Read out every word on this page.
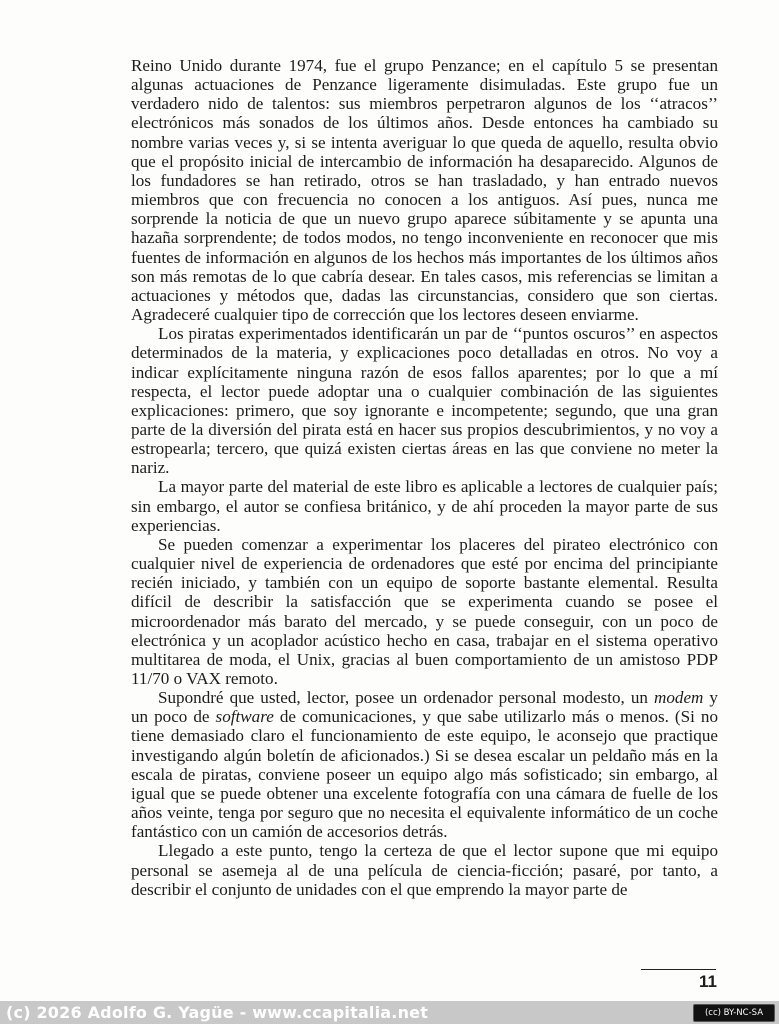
Reino Unido durante 1974, fue el grupo Penzance; en el capítulo 5 se presentan algunas actuaciones de Penzance ligeramente disimuladas. Este grupo fue un verdadero nido de talentos: sus miembros perpetraron algunos de los ‘‘atracos’’ electrónicos más sonados de los últimos años. Desde entonces ha cambiado su nombre varias veces y, si se intenta averiguar lo que queda de aquello, resulta obvio que el propósito inicial de intercambio de información ha desaparecido. Algunos de los fundadores se han retirado, otros se han trasladado, y han entrado nuevos miembros que con frecuencia no conocen a los antiguos. Así pues, nunca me sorprende la noticia de que un nuevo grupo aparece súbitamente y se apunta una hazaña sorprendente; de todos modos, no tengo inconveniente en reconocer que mis fuentes de información en algunos de los hechos más importantes de los últimos años son más remotas de lo que cabría desear. En tales casos, mis referencias se limitan a actuaciones y métodos que, dadas las circunstancias, considero que son ciertas. Agradeceré cualquier tipo de corrección que los lectores deseen enviarme.

Los piratas experimentados identificarán un par de ‘‘puntos oscuros’’ en aspectos determinados de la materia, y explicaciones poco detalladas en otros. No voy a indicar explícitamente ninguna razón de esos fallos aparentes; por lo que a mí respecta, el lector puede adoptar una o cualquier combinación de las siguientes explicaciones: primero, que soy ignorante e incompetente; segundo, que una gran parte de la diversión del pirata está en hacer sus propios descubrimientos, y no voy a estropearla; tercero, que quizá existen ciertas áreas en las que conviene no meter la nariz.

La mayor parte del material de este libro es aplicable a lectores de cualquier país; sin embargo, el autor se confiesa británico, y de ahí proceden la mayor parte de sus experiencias.

Se pueden comenzar a experimentar los placeres del pirateo electrónico con cualquier nivel de experiencia de ordenadores que esté por encima del principiante recién iniciado, y también con un equipo de soporte bastante elemental. Resulta difícil de describir la satisfacción que se experimenta cuando se posee el microordenador más barato del mercado, y se puede conseguir, con un poco de electrónica y un acoplador acústico hecho en casa, trabajar en el sistema operativo multitarea de moda, el Unix, gracias al buen comportamiento de un amistoso PDP 11/70 o VAX remoto.

Supondré que usted, lector, posee un ordenador personal modesto, un modem y un poco de software de comunicaciones, y que sabe utilizarlo más o menos. (Si no tiene demasiado claro el funcionamiento de este equipo, le aconsejo que practique investigando algún boletín de aficionados.) Si se desea escalar un peldaño más en la escala de piratas, conviene poseer un equipo algo más sofisticado; sin embargo, al igual que se puede obtener una excelente fotografía con una cámara de fuelle de los años veinte, tenga por seguro que no necesita el equivalente informático de un coche fantástico con un camión de accesorios detrás.

Llegado a este punto, tengo la certeza de que el lector supone que mi equipo personal se asemeja al de una película de ciencia-ficción; pasaré, por tanto, a describir el conjunto de unidades con el que emprendo la mayor parte de

11
(c) 2026 Adolfo G. Yagüe - www.ccapitalia.net	(cc) BY-NC-SA
